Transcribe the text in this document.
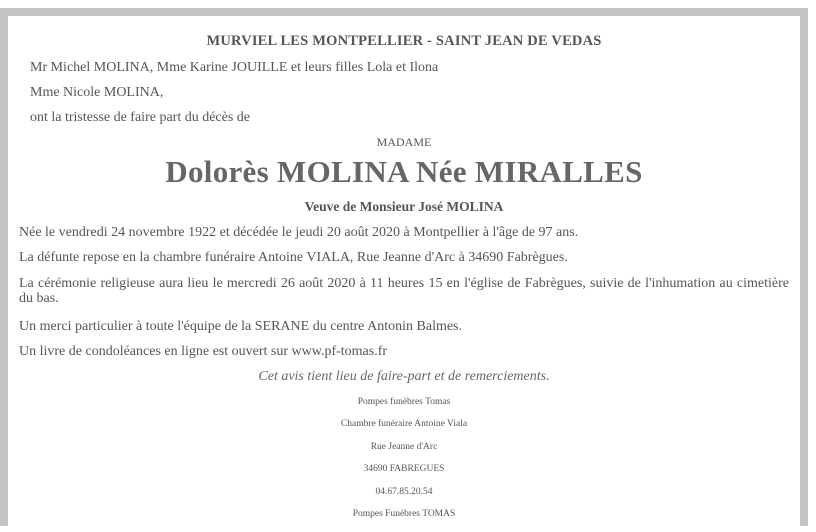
MURVIEL LES MONTPELLIER - SAINT JEAN DE VEDAS
Mr Michel MOLINA, Mme Karine JOUILLE et leurs filles Lola et Ilona
Mme Nicole MOLINA,
ont la tristesse de faire part du décès de
MADAME
Dolorès MOLINA Née MIRALLES
Veuve de Monsieur José MOLINA
Née le vendredi 24 novembre 1922 et décédée le jeudi 20 août 2020 à Montpellier à l'âge de 97 ans.
La défunte repose en la chambre funéraire Antoine VIALA, Rue Jeanne d'Arc à 34690 Fabrègues.
La cérémonie religieuse aura lieu le mercredi 26 août 2020 à 11 heures 15 en l'église de Fabrègues, suivie de l'inhumation au cimetière du bas.
Un merci particulier à toute l'équipe de la SERANE du centre Antonin Balmes.
Un livre de condoléances en ligne est ouvert sur www.pf-tomas.fr
Cet avis tient lieu de faire-part et de remerciements.
Pompes funèbres Tomas
Chambre funéraire Antoine Viala
Rue Jeanne d'Arc
34690 FABREGUES
04.67.85.20.54
Pompes Funèbres TOMAS
